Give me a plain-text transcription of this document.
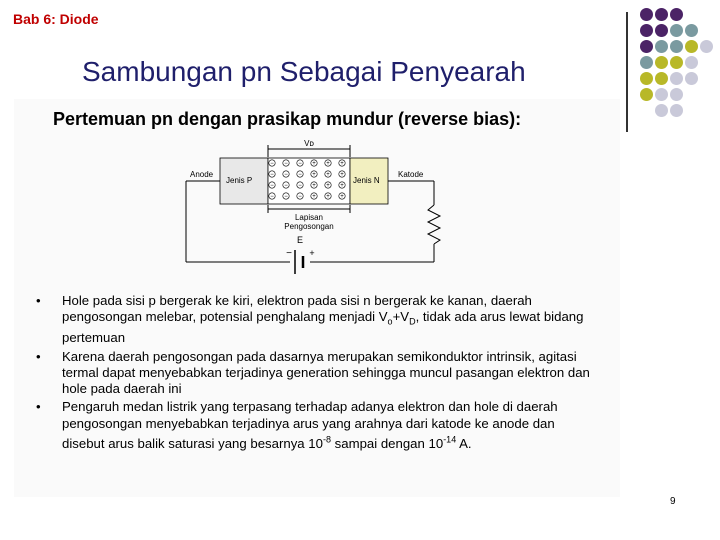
Bab 6: Diode
Sambungan pn Sebagai Penyearah
Pertemuan pn dengan prasikap mundur (reverse bias):
− − − + + +
− − − + + +
− − − + + +
− − − + + +
Vᴅ
Anode	Katode
Jenis P	Jenis N
Lapisan
Pengosongan
E
− +
• Hole pada sisi p bergerak ke kiri, elektron pada sisi n bergerak ke kanan, daerah pengosongan melebar, potensial penghalang menjadi $V_o+V_D$, tidak ada arus lewat bidang pertemuan
• Karena daerah pengosongan pada dasarnya merupakan semikonduktor intrinsik, agitasi termal dapat menyebabkan terjadinya generation sehingga muncul pasangan elektron dan hole pada daerah ini
• Pengaruh medan listrik yang terpasang terhadap adanya elektron dan hole di daerah pengosongan menyebabkan terjadinya arus yang arahnya dari katode ke anode dan disebut arus balik saturasi yang besarnya $10^{-8}$ sampai dengan $10^{-14}$ A.
9
